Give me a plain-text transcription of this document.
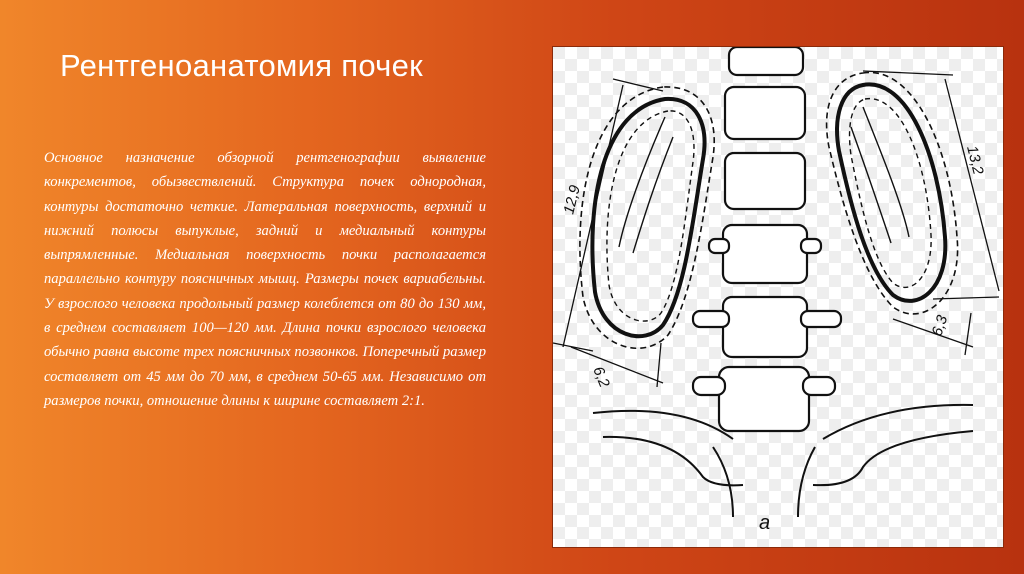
Рентгеноанатомия почек

Основное назначение обзорной рентгенографии выявление конкрементов, обызвествлений. Структура почек однородная, контуры достаточно четкие. Латеральная поверхность, верхний и нижний полюсы выпуклые, задний и медиальный контуры выпрямленные. Медиальная поверхность почки располагается параллельно контуру поясничных мышц. Размеры почек вариабельны. У взрослого человека продольный размер колеблется от 80 до 130 мм, в среднем составляет 100—120 мм. Длина почки взрослого человека обычно равна высоте трех поясничных позвонков. Поперечный размер составляет от 45 мм до 70 мм, в среднем 50-65 мм. Независимо от размеров почки, отношение длины к ширине составляет 2:1.

12,9
13,2
6,2
6,3
а
